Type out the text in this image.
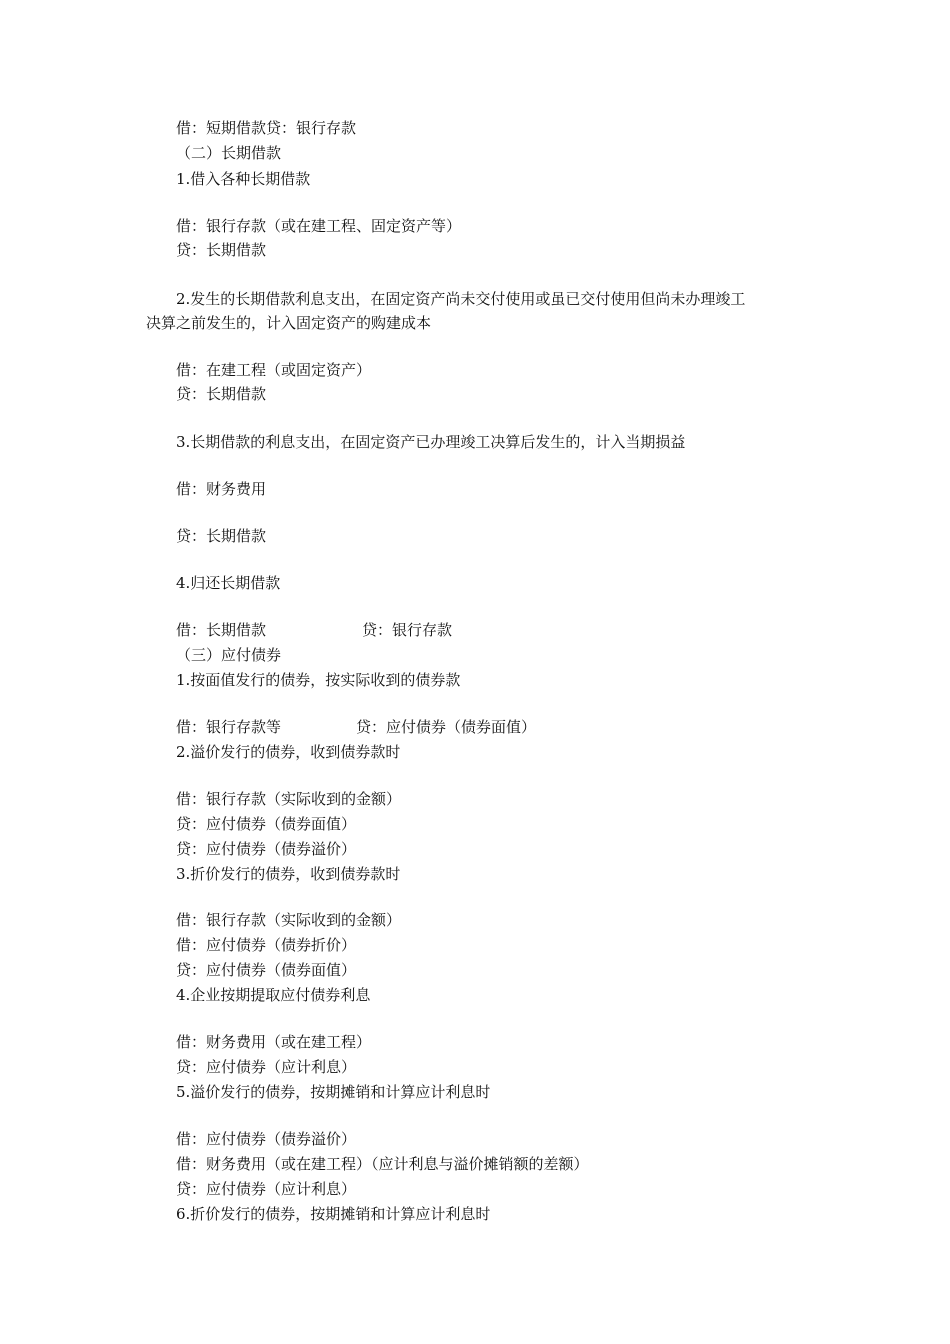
借：短期借款贷：银行存款
（二）长期借款
1.借入各种长期借款
借：银行存款（或在建工程、固定资产等）
贷：长期借款
2.发生的长期借款利息支出，在固定资产尚未交付使用或虽已交付使用但尚未办理竣工
决算之前发生的，计入固定资产的购建成本
借：在建工程（或固定资产）
贷：长期借款
3.长期借款的利息支出，在固定资产已办理竣工决算后发生的，计入当期损益
借：财务费用
贷：长期借款
4.归还长期借款
借：长期借款	贷：银行存款
（三）应付债券
1.按面值发行的债券，按实际收到的债券款
借：银行存款等	贷：应付债券（债券面值）
2.溢价发行的债券，收到债券款时
借：银行存款（实际收到的金额）
贷：应付债券（债券面值）
贷：应付债券（债券溢价）
3.折价发行的债券，收到债券款时
借：银行存款（实际收到的金额）
借：应付债券（债券折价）
贷：应付债券（债券面值）
4.企业按期提取应付债券利息
借：财务费用（或在建工程）
贷：应付债券（应计利息）
5.溢价发行的债券，按期摊销和计算应计利息时
借：应付债券（债券溢价）
借：财务费用（或在建工程）（应计利息与溢价摊销额的差额）
贷：应付债券（应计利息）
6.折价发行的债券，按期摊销和计算应计利息时
